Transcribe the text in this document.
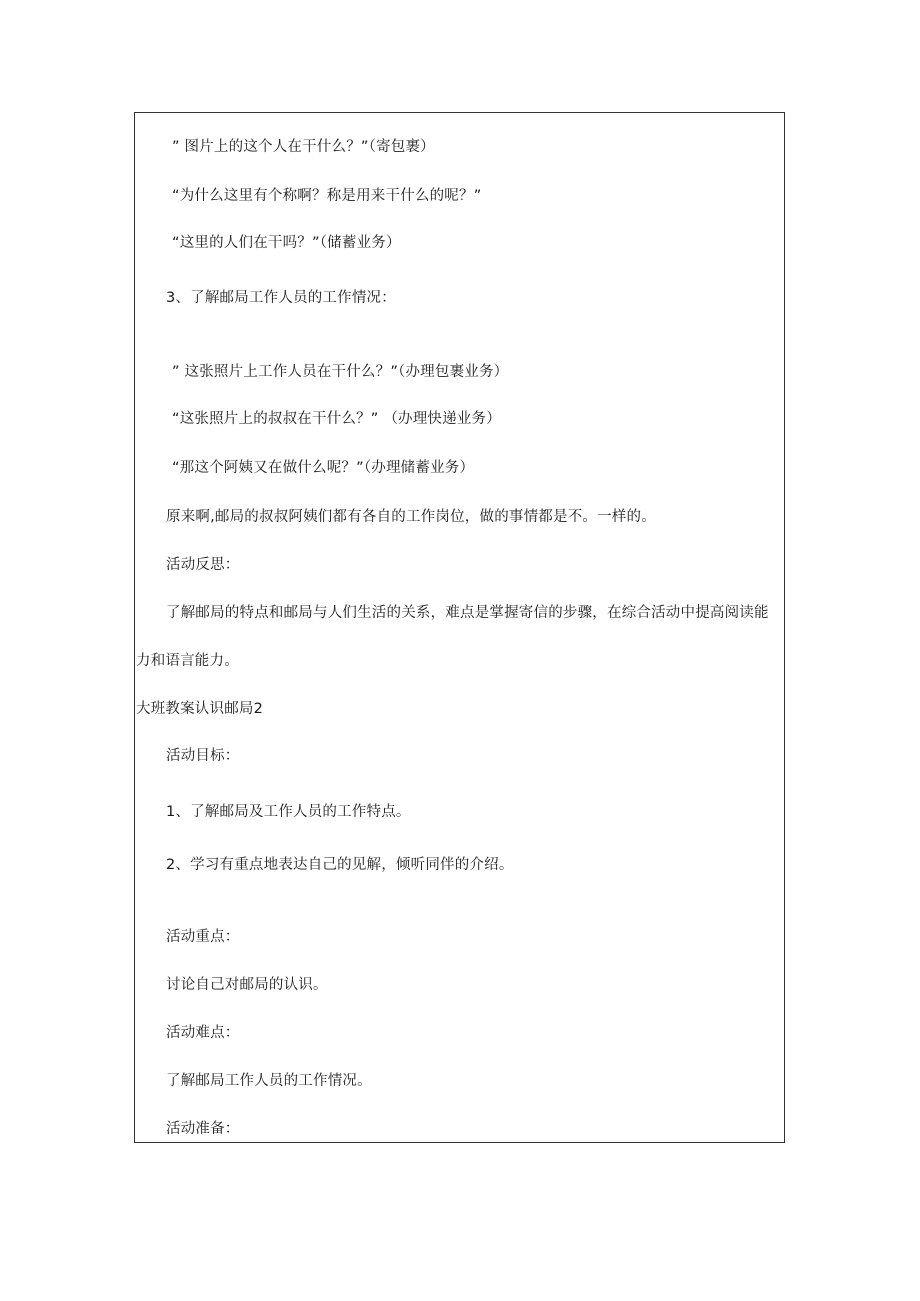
” 图片上的这个人在干什么？”（寄包裹）
“为什么这里有个称啊？称是用来干什么的呢？”
“这里的人们在干吗？”（储蓄业务）
3、了解邮局工作人员的工作情况：
” 这张照片上工作人员在干什么？”（办理包裹业务）
“这张照片上的叔叔在干什么？” （办理快递业务）
“那这个阿姨又在做什么呢？”（办理储蓄业务）
原来啊,邮局的叔叔阿姨们都有各自的工作岗位，做的事情都是不。一样的。
活动反思：
了解邮局的特点和邮局与人们生活的关系，难点是掌握寄信的步骤，在综合活动中提高阅读能
力和语言能力。
大班教案认识邮局2
活动目标：
1、了解邮局及工作人员的工作特点。
2、学习有重点地表达自己的见解，倾听同伴的介绍。
活动重点：
讨论自己对邮局的认识。
活动难点：
了解邮局工作人员的工作情况。
活动准备：
